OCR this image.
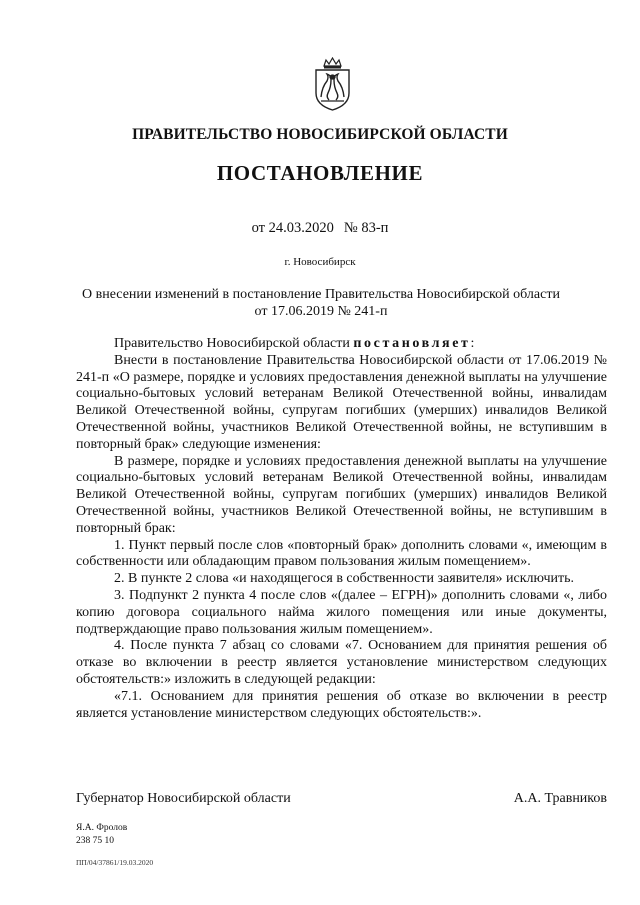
ПРАВИТЕЛЬСТВО НОВОСИБИРСКОЙ ОБЛАСТИ
ПОСТАНОВЛЕНИЕ
от 24.03.2020 № 83-п
г. Новосибирск
О внесении изменений в постановление Правительства Новосибирской области
от 17.06.2019 № 241-п

Правительство Новосибирской области постановляет:

Внести в постановление Правительства Новосибирской области от 17.06.2019 № 241-п «О размере, порядке и условиях предоставления денежной выплаты на улучшение социально-бытовых условий ветеранам Великой Отечественной войны, инвалидам Великой Отечественной войны, супругам погибших (умерших) инвалидов Великой Отечественной войны, участников Великой Отечественной войны, не вступившим в повторный брак» следующие изменения:

В размере, порядке и условиях предоставления денежной выплаты на улучшение социально-бытовых условий ветеранам Великой Отечественной войны, инвалидам Великой Отечественной войны, супругам погибших (умерших) инвалидов Великой Отечественной войны, участников Великой Отечественной войны, не вступившим в повторный брак:

1. Пункт первый после слов «повторный брак» дополнить словами «, имеющим в собственности или обладающим правом пользования жилым помещением».

2. В пункте 2 слова «и находящегося в собственности заявителя» исключить.

3. Подпункт 2 пункта 4 после слов «(далее – ЕГРН)» дополнить словами «, либо копию договора социального найма жилого помещения или иные документы, подтверждающие право пользования жилым помещением».

4. После пункта 7 абзац со словами «7. Основанием для принятия решения об отказе во включении в реестр является установление министерством следующих обстоятельств:» изложить в следующей редакции:

«7.1. Основанием для принятия решения об отказе во включении в реестр является установление министерством следующих обстоятельств:».

Губернатор Новосибирской области	А.А. Травников
Я.А. Фролов
238 75 10
ПП/04/37861/19.03.2020
